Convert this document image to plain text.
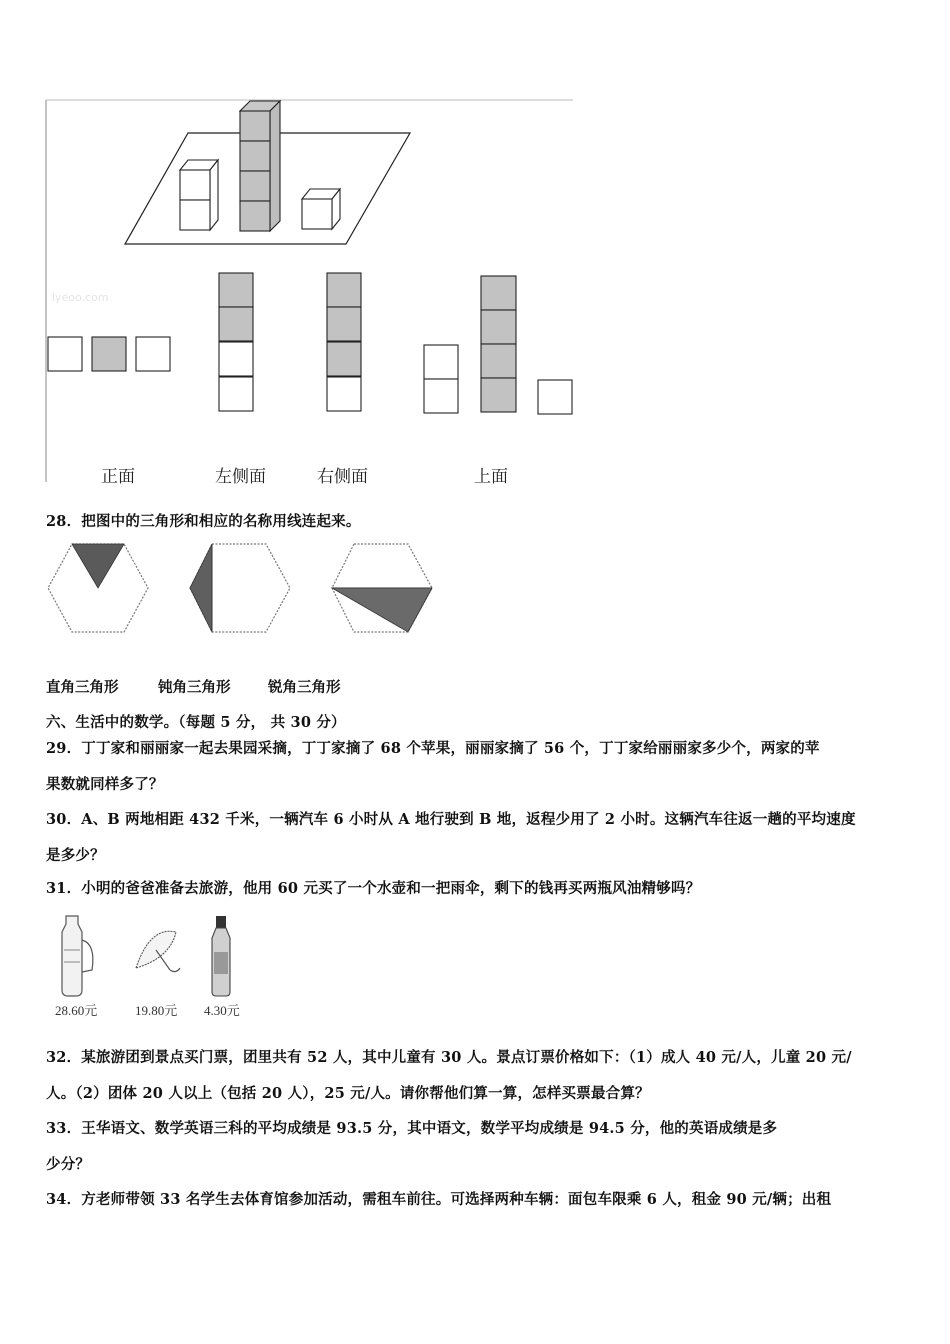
lyeoo.com
正面	左侧面	右侧面	上面
28．把图中的三角形和相应的名称用线连起来。
直角三角形	钝角三角形	锐角三角形
六、生活中的数学。（每题 5 分， 共 30 分）
29．丁丁家和丽丽家一起去果园采摘，丁丁家摘了 68 个苹果，丽丽家摘了 56 个，丁丁家给丽丽家多少个，两家的苹
果数就同样多了？
30．A、B 两地相距 432 千米，一辆汽车 6 小时从 A 地行驶到 B 地，返程少用了 2 小时。这辆汽车往返一趟的平均速度
是多少？
31．小明的爸爸准备去旅游，他用 60 元买了一个水壶和一把雨伞，剩下的钱再买两瓶风油精够吗？
28.60元	19.80元 4.30元
32．某旅游团到景点买门票，团里共有 52 人，其中儿童有 30 人。景点订票价格如下：（1）成人 40 元/人，儿童 20 元/
人。（2）团体 20 人以上（包括 20 人），25 元/人。请你帮他们算一算，怎样买票最合算？
33．王华语文、数学英语三科的平均成绩是 93.5 分，其中语文，数学平均成绩是 94.5 分，他的英语成绩是多
少分？
34．方老师带领 33 名学生去体育馆参加活动，需租车前往。可选择两种车辆：面包车限乘 6 人，租金 90 元/辆；出租
